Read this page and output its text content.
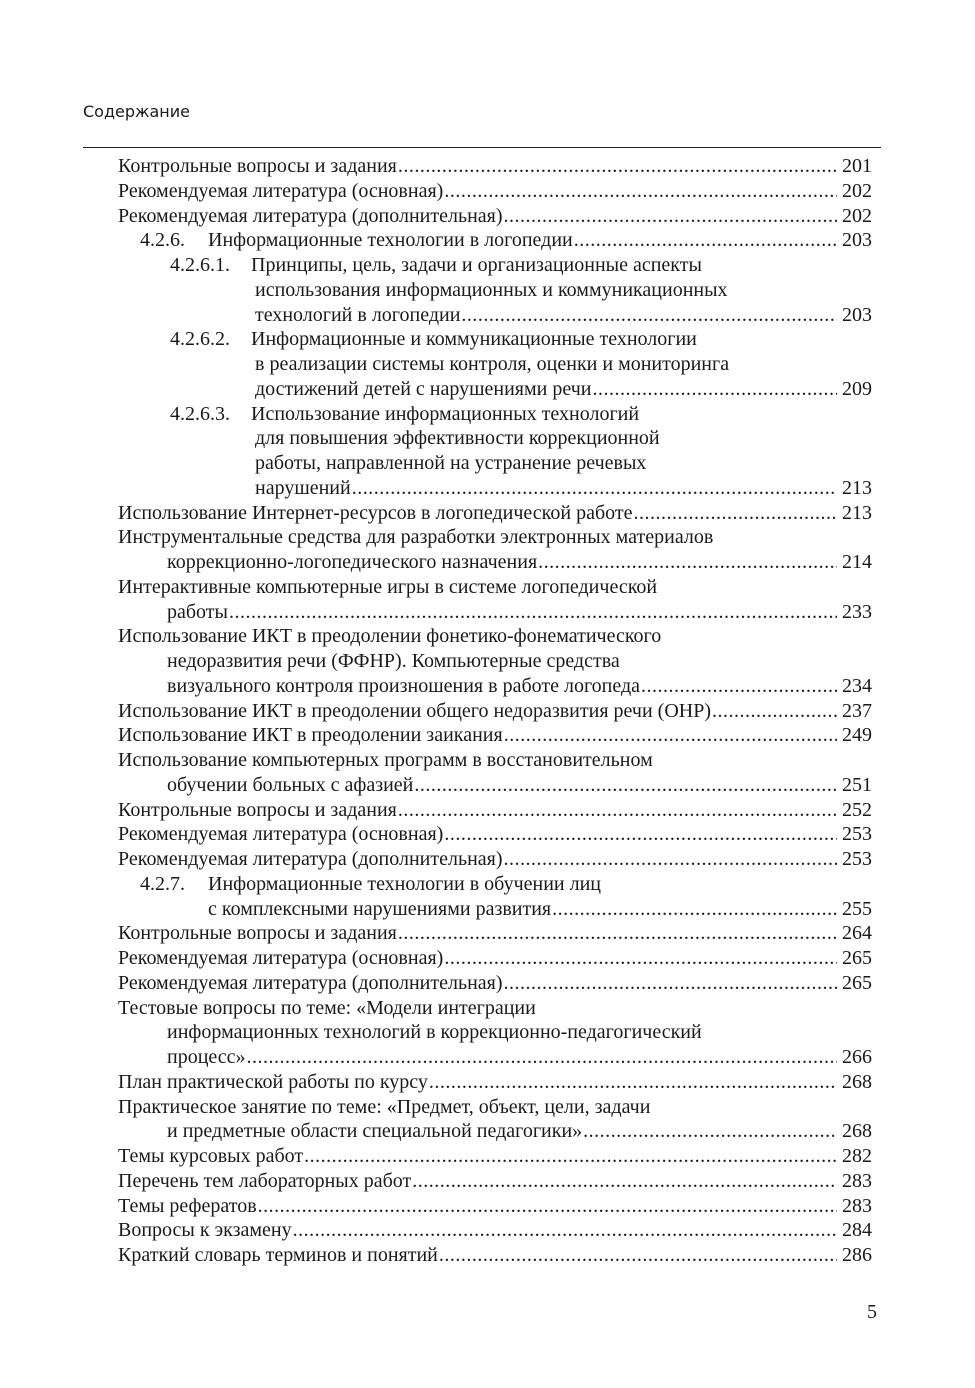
Содержание
Контрольные вопросы и задания .....	201
Рекомендуемая литература (основная) .....	202
Рекомендуемая литература (дополнительная) .....	202
4.2.6. Информационные технологии в логопедии .....	203
4.2.6.1. Принципы, цель, задачи и организационные аспекты
использования информационных и коммуникационных
технологий в логопедии .....	203
4.2.6.2. Информационные и коммуникационные технологии
в реализации системы контроля, оценки и мониторинга
достижений детей с нарушениями речи .....	209
4.2.6.3. Использование информационных технологий
для повышения эффективности коррекционной
работы, направленной на устранение речевых
нарушений .....	213
Использование Интернет-ресурсов в логопедической работе .....	213
Инструментальные средства для разработки электронных материалов
коррекционно-логопедического назначения .....	214
Интерактивные компьютерные игры в системе логопедической
работы .....	233
Использование ИКТ в преодолении фонетико-фонематического
недоразвития речи (ФФНР). Компьютерные средства
визуального контроля произношения в работе логопеда .....	234
Использование ИКТ в преодолении общего недоразвития речи (ОНР) .....	237
Использование ИКТ в преодолении заикания .....	249
Использование компьютерных программ в восстановительном
обучении больных с афазией .....	251
Контрольные вопросы и задания .....	252
Рекомендуемая литература (основная) .....	253
Рекомендуемая литература (дополнительная) .....	253
4.2.7. Информационные технологии в обучении лиц
с комплексными нарушениями развития .....	255
Контрольные вопросы и задания .....	264
Рекомендуемая литература (основная) .....	265
Рекомендуемая литература (дополнительная) .....	265
Тестовые вопросы по теме: «Модели интеграции
информационных технологий в коррекционно-педагогический
процесс» .....	266
План практической работы по курсу .....	268
Практическое занятие по теме: «Предмет, объект, цели, задачи
и предметные области специальной педагогики» .....	268
Темы курсовых работ .....	282
Перечень тем лабораторных работ .....	283
Темы рефератов .....	283
Вопросы к экзамену .....	284
Краткий словарь терминов и понятий .....	286
5
